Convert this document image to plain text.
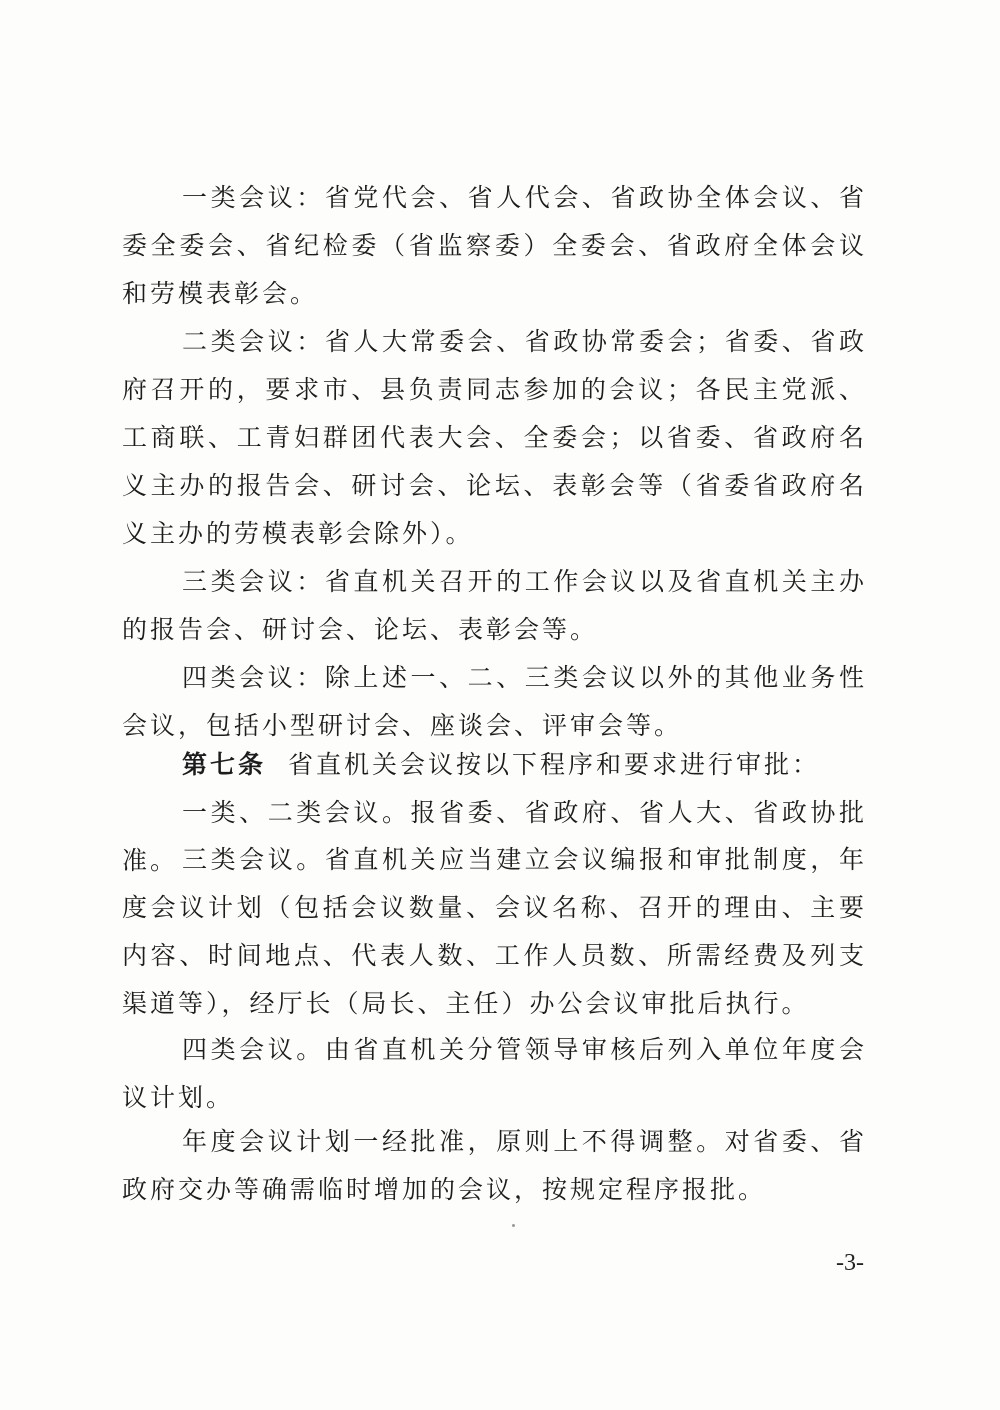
一类会议：省党代会、省人代会、省政协全体会议、省委全委会、省纪检委（省监察委）全委会、省政府全体会议和劳模表彰会。

二类会议：省人大常委会、省政协常委会；省委、省政府召开的，要求市、县负责同志参加的会议；各民主党派、工商联、工青妇群团代表大会、全委会；以省委、省政府名义主办的报告会、研讨会、论坛、表彰会等（省委省政府名义主办的劳模表彰会除外）。

三类会议：省直机关召开的工作会议以及省直机关主办的报告会、研讨会、论坛、表彰会等。

四类会议：除上述一、二、三类会议以外的其他业务性会议，包括小型研讨会、座谈会、评审会等。

第七条 省直机关会议按以下程序和要求进行审批：

一类、二类会议。报省委、省政府、省人大、省政协批准。 三类会议。省直机关应当建立会议编报和审批制度，年度会议计划（包括会议数量、会议名称、召开的理由、主要内容、时间地点、代表人数、工作人员数、所需经费及列支渠道等），经厅长（局长、主任）办公会议审批后执行。

四类会议。由省直机关分管领导审核后列入单位年度会议计划。

年度会议计划一经批准，原则上不得调整。对省委、省政府交办等确需临时增加的会议，按规定程序报批。

-3-
